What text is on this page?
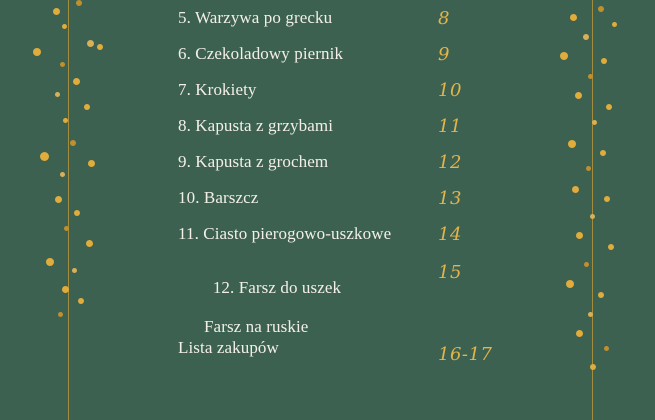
5. Warzywa po grecku
6. Czekoladowy piernik
7. Krokiety
8. Kapusta z grzybami
9. Kapusta z grochem
10. Barszcz
11. Ciasto pierogowo-uszkowe

12. Farsz do uszek

Farsz na ruskie

8
9
10
11
12
13
14
15
Lista zakupów	16-17
